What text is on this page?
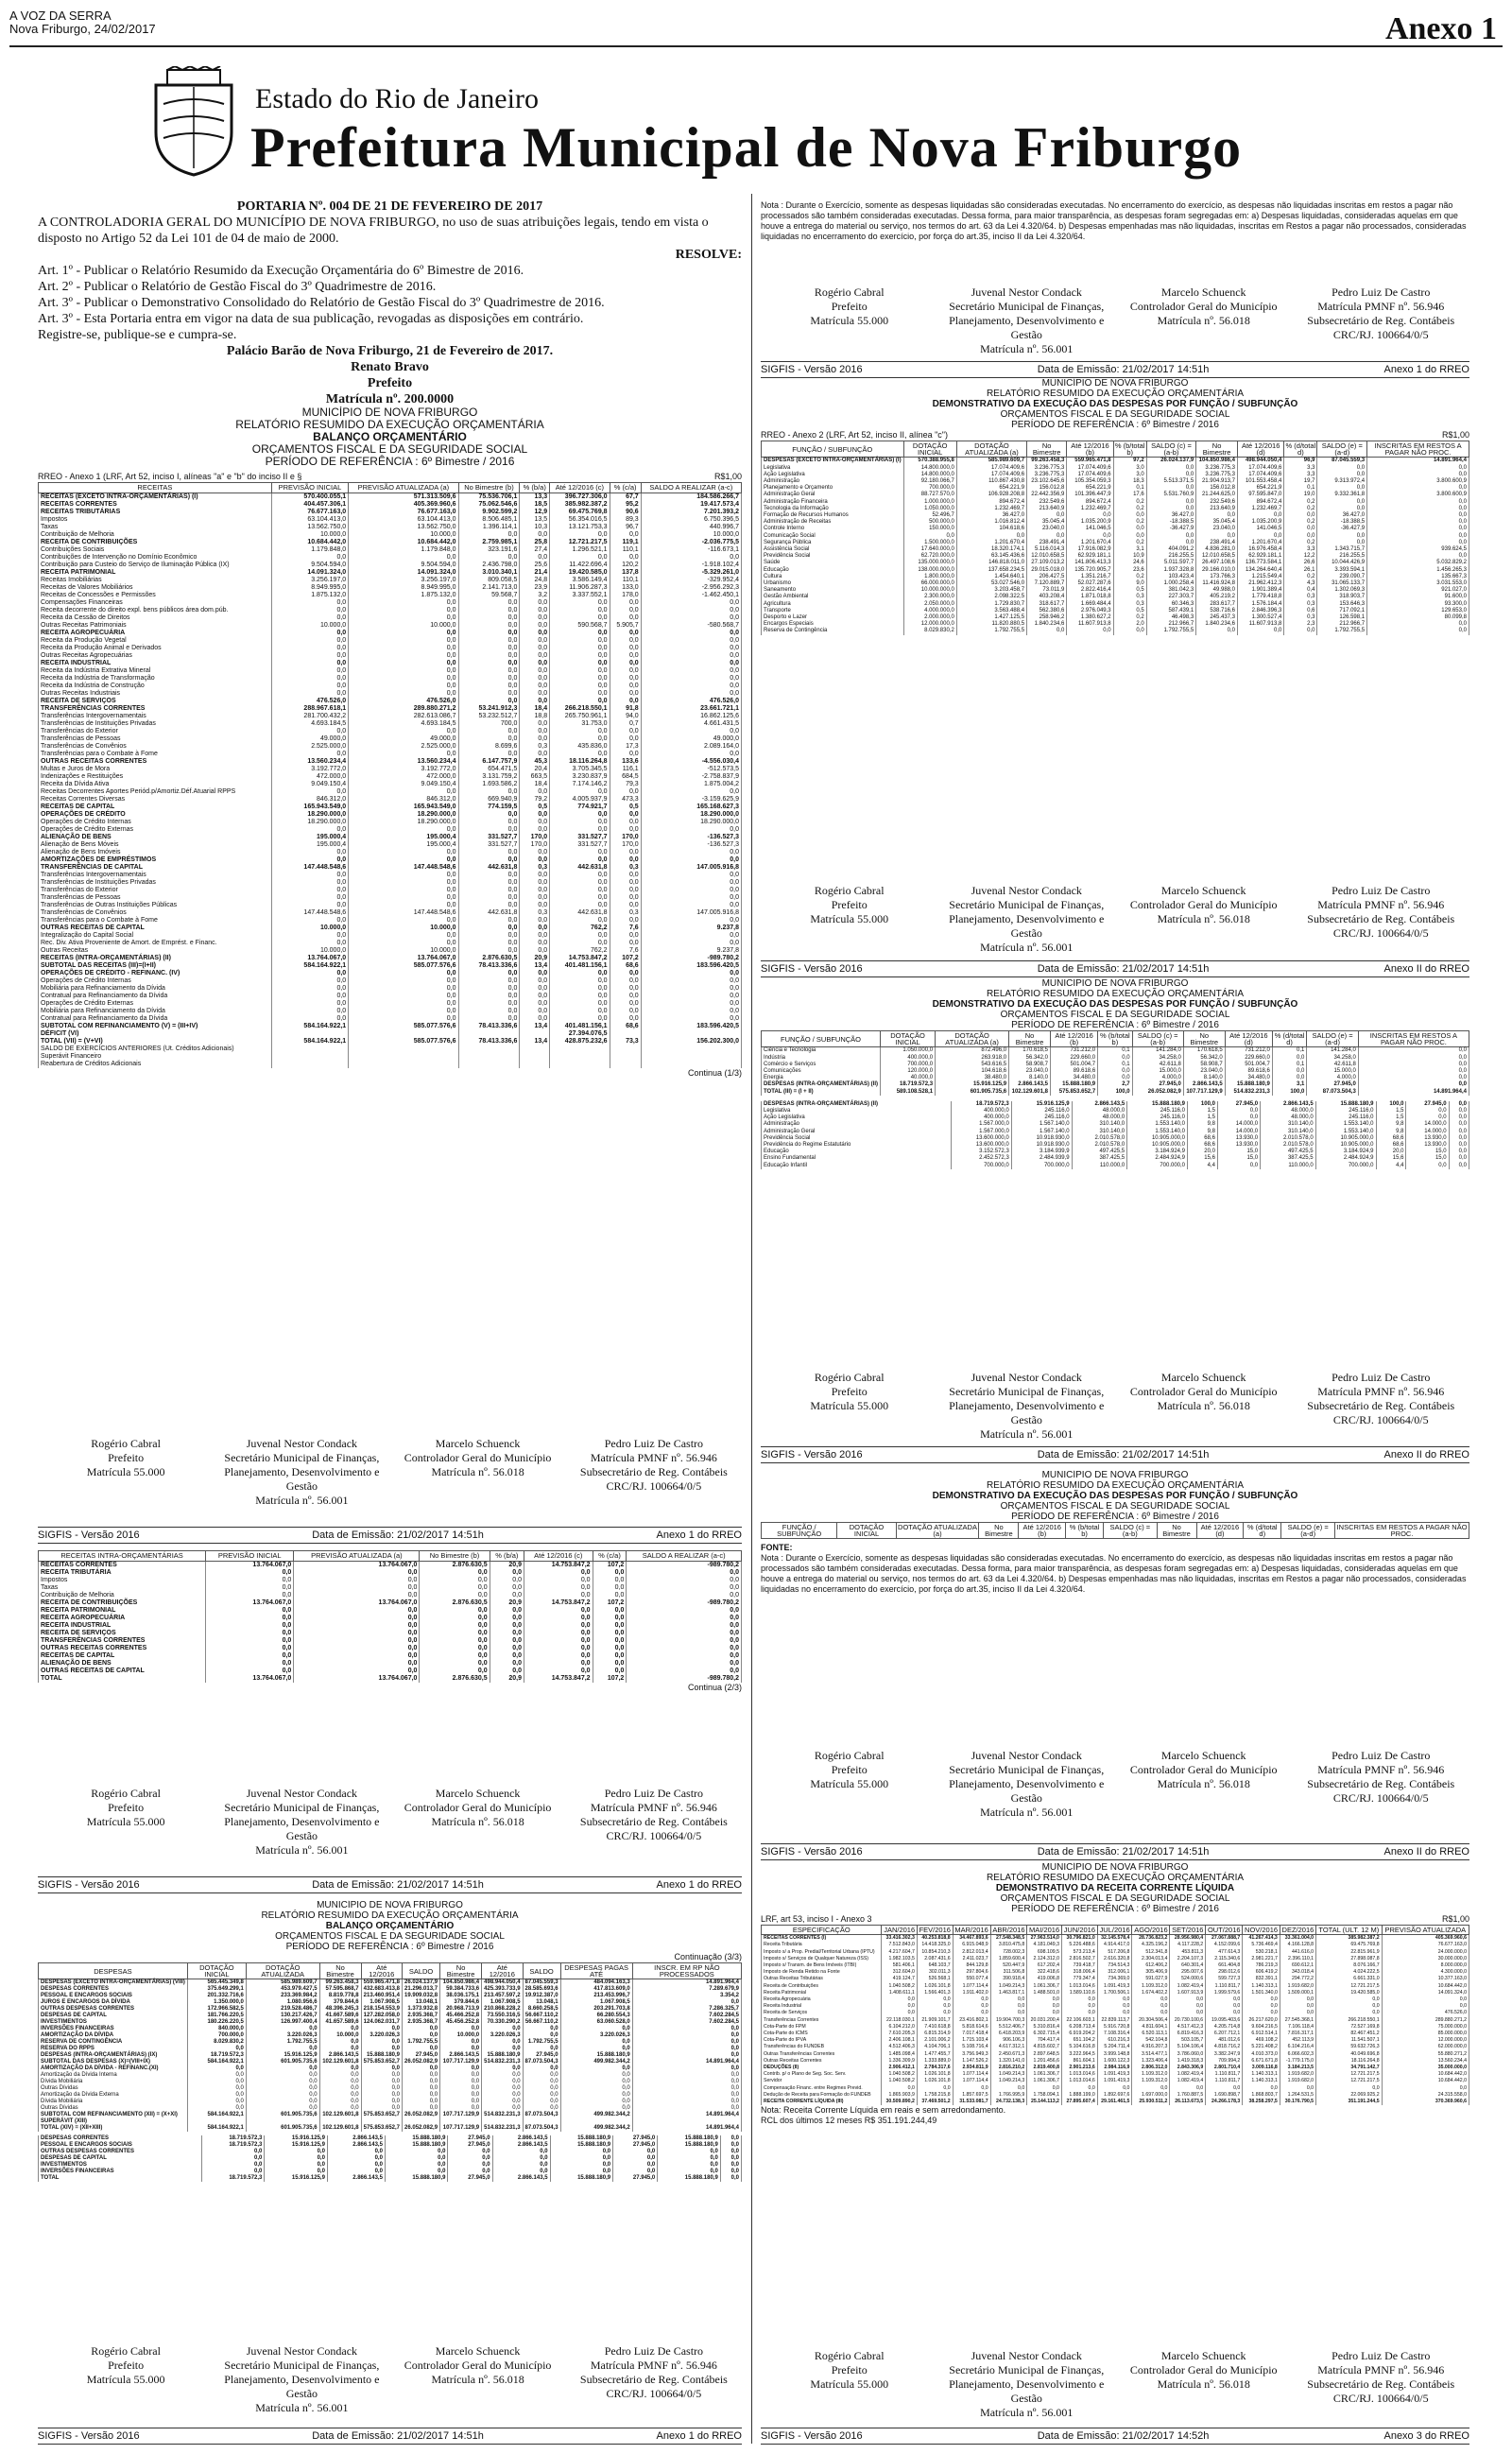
A VOZ DA SERRA
Nova Friburgo, 24/02/2017	Anexo 1
Estado do Rio de Janeiro
Prefeitura Municipal de Nova Friburgo

PORTARIA Nº. 004 DE 21 DE FEVEREIRO DE 2017

A CONTROLADORIA GERAL DO MUNICÍPIO DE NOVA FRIBURGO, no uso de suas atribuições legais, tendo em vista o disposto no Artigo 52 da Lei 101 de 04 de maio de 2000.

RESOLVE:

Art. 1º - Publicar o Relatório Resumido da Execução Orçamentária do 6º Bimestre de 2016.

Art. 2º - Publicar o Relatório de Gestão Fiscal do 3º Quadrimestre de 2016.

Art. 3º - Publicar o Demonstrativo Consolidado do Relatório de Gestão Fiscal do 3º Quadrimestre de 2016.

Art. 3º - Esta Portaria entra em vigor na data de sua publicação, revogadas as disposições em contrário.

Registre-se, publique-se e cumpra-se.

Palácio Barão de Nova Friburgo, 21 de Fevereiro de 2017.

Renato Bravo

Prefeito

Matrícula nº. 200.0000

MUNICÍPIO DE NOVA FRIBURGO
RELATÓRIO RESUMIDO DA EXECUÇÃO ORÇAMENTÁRIA
BALANÇO ORÇAMENTÁRIO
ORÇAMENTOS FISCAL E DA SEGURIDADE SOCIAL
PERÍODO DE REFERÊNCIA : 6º Bimestre / 2016
RREO - Anexo 1 (LRF, Art 52, inciso I, alíneas "a" e "b" do inciso II e §	R$1,00
RECEITAS	PREVISÃO INICIAL	PREVISÃO ATUALIZADA (a)	No Bimestre (b)	% (b/a)	Até 12/2016 (c)	% (c/a)	SALDO A REALIZAR (a-c)
RECEITAS (EXCETO INTRA-ORÇAMENTÁRIAS) (I)	570.400.055,1	571.313.509,6	75.536.706,1	13,3	396.727.306,0	67,7	184.586.266,7
RECEITAS CORRENTES	404.457.306,1	405.369.960,6	75.062.546,6	18,5	385.982.387,2	95,2	19.417.573,4
RECEITAS TRIBUTÁRIAS	76.677.163,0	76.677.163,0	9.902.599,2	12,9	69.475.769,8	90,6	7.201.393,2
Impostos	63.104.413,0	63.104.413,0	8.506.485,1	13,5	56.354.016,5	89,3	6.750.396,5
Taxas	13.562.750,0	13.562.750,0	1.396.114,1	10,3	13.121.753,3	96,7	440.996,7
Contribuição de Melhoria	10.000,0	10.000,0	0,0	0,0	0,0	0,0	10.000,0
RECEITA DE CONTRIBUIÇÕES	10.684.442,0	10.684.442,0	2.759.985,1	25,8	12.721.217,5	119,1	-2.036.775,5
Contribuições Sociais	1.179.848,0	1.179.848,0	323.191,6	27,4	1.296.521,1	110,1	-116.673,1
Contribuições de Intervenção no Domínio Econômico	0,0	0,0	0,0	0,0	0,0	0,0	0,0
Contribuição para Custeio do Serviço de Iluminação Pública (IX)	9.504.594,0	9.504.594,0	2.436.798,0	25,6	11.422.696,4	120,2	-1.918.102,4
RECEITA PATRIMONIAL	14.091.324,0	14.091.324,0	3.010.340,1	21,4	19.420.585,0	137,8	-5.329.261,0
Receitas Imobiliárias	3.256.197,0	3.256.197,0	809.058,5	24,8	3.586.149,4	110,1	-329.952,4
Receitas de Valores Mobiliários	8.949.995,0	8.949.995,0	2.141.713,0	23,9	11.906.287,3	133,0	-2.956.292,3
Receitas de Concessões e Permissões	1.875.132,0	1.875.132,0	59.568,7	3,2	3.337.552,1	178,0	-1.462.450,1
Compensações Financeiras	0,0	0,0	0,0	0,0	0,0	0,0	0,0
Receita decorrente do direito expl. bens públicos área dom.púb.	0,0	0,0	0,0	0,0	0,0	0,0	0,0
Receita da Cessão de Direitos	0,0	0,0	0,0	0,0	0,0	0,0	0,0
Outras Receitas Patrimoniais	10.000,0	10.000,0	0,0	0,0	590.568,7	5.905,7	-580.568,7
RECEITA AGROPECUÁRIA	0,0	0,0	0,0	0,0	0,0	0,0	0,0
Receita da Produção Vegetal	0,0	0,0	0,0	0,0	0,0	0,0	0,0
Receita da Produção Animal e Derivados	0,0	0,0	0,0	0,0	0,0	0,0	0,0
Outras Receitas Agropecuárias	0,0	0,0	0,0	0,0	0,0	0,0	0,0
RECEITA INDUSTRIAL	0,0	0,0	0,0	0,0	0,0	0,0	0,0
Receita da Indústria Extrativa Mineral	0,0	0,0	0,0	0,0	0,0	0,0	0,0
Receita da Indústria de Transformação	0,0	0,0	0,0	0,0	0,0	0,0	0,0
Receita da Indústria de Construção	0,0	0,0	0,0	0,0	0,0	0,0	0,0
Outras Receitas Industriais	0,0	0,0	0,0	0,0	0,0	0,0	0,0
RECEITA DE SERVIÇOS	476.526,0	476.526,0	0,0	0,0	0,0	0,0	476.526,0
TRANSFERÊNCIAS CORRENTES	288.967.618,1	289.880.271,2	53.241.912,3	18,4	266.218.550,1	91,8	23.661.721,1
Transferências Intergovernamentais	281.700.432,2	282.613.086,7	53.232.512,7	18,8	265.750.961,1	94,0	16.862.125,6
Transferências de Instituições Privadas	4.693.184,5	4.693.184,5	700,0	0,0	31.753,0	0,7	4.661.431,5
Transferências do Exterior	0,0	0,0	0,0	0,0	0,0	0,0	0,0
Transferências de Pessoas	49.000,0	49.000,0	0,0	0,0	0,0	0,0	49.000,0
Transferências de Convênios	2.525.000,0	2.525.000,0	8.699,6	0,3	435.836,0	17,3	2.089.164,0
Transferências para o Combate à Fome	0,0	0,0	0,0	0,0	0,0	0,0	0,0
OUTRAS RECEITAS CORRENTES	13.560.234,4	13.560.234,4	6.147.757,9	45,3	18.116.264,8	133,6	-4.556.030,4
Multas e Juros de Mora	3.192.772,0	3.192.772,0	654.471,5	20,4	3.705.345,5	116,1	-512.573,5
Indenizações e Restituições	472.000,0	472.000,0	3.131.759,2	663,5	3.230.837,9	684,5	-2.758.837,9
Receita da Dívida Ativa	9.049.150,4	9.049.150,4	1.693.586,2	18,4	7.174.146,2	79,3	1.875.004,2
Receitas Decorrentes Aportes Periód.p/Amortiz.Déf.Atuarial RPPS	0,0	0,0	0,0	0,0	0,0	0,0	0,0
Receitas Correntes Diversas	846.312,0	846.312,0	669.940,9	79,2	4.005.937,9	473,3	-3.159.625,9
RECEITAS DE CAPITAL	165.943.549,0	165.943.549,0	774.159,5	0,5	774.921,7	0,5	165.168.627,3
OPERAÇÕES DE CRÉDITO	18.290.000,0	18.290.000,0	0,0	0,0	0,0	0,0	18.290.000,0
Operações de Crédito Internas	18.290.000,0	18.290.000,0	0,0	0,0	0,0	0,0	18.290.000,0
Operações de Crédito Externas	0,0	0,0	0,0	0,0	0,0	0,0	0,0
ALIENAÇÃO DE BENS	195.000,4	195.000,4	331.527,7	170,0	331.527,7	170,0	-136.527,3
Alienação de Bens Móveis	195.000,4	195.000,4	331.527,7	170,0	331.527,7	170,0	-136.527,3
Alienação de Bens Imóveis	0,0	0,0	0,0	0,0	0,0	0,0	0,0
AMORTIZAÇÕES DE EMPRÉSTIMOS	0,0	0,0	0,0	0,0	0,0	0,0	0,0
TRANSFERÊNCIAS DE CAPITAL	147.448.548,6	147.448.548,6	442.631,8	0,3	442.631,8	0,3	147.005.916,8
Transferências Intergovernamentais	0,0	0,0	0,0	0,0	0,0	0,0	0,0
Transferências de Instituições Privadas	0,0	0,0	0,0	0,0	0,0	0,0	0,0
Transferências do Exterior	0,0	0,0	0,0	0,0	0,0	0,0	0,0
Transferências de Pessoas	0,0	0,0	0,0	0,0	0,0	0,0	0,0
Transferências de Outras Instituições Públicas	0,0	0,0	0,0	0,0	0,0	0,0	0,0
Transferências de Convênios	147.448.548,6	147.448.548,6	442.631,8	0,3	442.631,8	0,3	147.005.916,8
Transferências para o Combate à Fome	0,0	0,0	0,0	0,0	0,0	0,0	0,0
OUTRAS RECEITAS DE CAPITAL	10.000,0	10.000,0	0,0	0,0	762,2	7,6	9.237,8
Integralização do Capital Social	0,0	0,0	0,0	0,0	0,0	0,0	0,0
Rec. Div. Ativa Proveniente de Amort. de Emprést. e Financ.	0,0	0,0	0,0	0,0	0,0	0,0	0,0
Outras Receitas	10.000,0	10.000,0	0,0	0,0	762,2	7,6	9.237,8
RECEITAS (INTRA-ORÇAMENTÁRIAS) (II)	13.764.067,0	13.764.067,0	2.876.630,5	20,9	14.753.847,2	107,2	-989.780,2
SUBTOTAL DAS RECEITAS (III)=(I+II)	584.164.922,1	585.077.576,6	78.413.336,6	13,4	401.481.156,1	68,6	183.596.420,5
OPERAÇÕES DE CRÉDITO - REFINANC. (IV)	0,0	0,0	0,0	0,0	0,0	0,0	0,0
Operações de Crédito Internas	0,0	0,0	0,0	0,0	0,0	0,0	0,0
Mobiliária para Refinanciamento da Dívida	0,0	0,0	0,0	0,0	0,0	0,0	0,0
Contratual para Refinanciamento da Dívida	0,0	0,0	0,0	0,0	0,0	0,0	0,0
Operações de Crédito Externas	0,0	0,0	0,0	0,0	0,0	0,0	0,0
Mobiliária para Refinanciamento da Dívida	0,0	0,0	0,0	0,0	0,0	0,0	0,0
Contratual para Refinanciamento da Dívida	0,0	0,0	0,0	0,0	0,0	0,0	0,0
SUBTOTAL COM REFINANCIAMENTO (V) = (III+IV)	584.164.922,1	585.077.576,6	78.413.336,6	13,4	401.481.156,1	68,6	183.596.420,5
DÉFICIT (VI)					27.394.076,5		
TOTAL (VII) = (V+VI)	584.164.922,1	585.077.576,6	78.413.336,6	13,4	428.875.232,6	73,3	156.202.300,0
SALDO DE EXERCÍCIOS ANTERIORES (Ut. Créditos Adicionais)							
Superávit Financeiro							
Reabertura de Créditos Adicionais							
Continua (1/3)
Rogério Cabral
Prefeito
Matrícula 55.000
Juvenal Nestor Condack
Secretário Municipal de Finanças, Planejamento, Desenvolvimento e Gestão
Matrícula nº. 56.001
Marcelo Schuenck
Controlador Geral do Município
Matrícula nº. 56.018
Pedro Luiz De Castro
Matrícula PMNF nº. 56.946
Subsecretário de Reg. Contábeis CRC/RJ. 100664/0/5
SIGFIS - Versão 2016	Data de Emissão: 21/02/2017 14:51h	Anexo 1 do RREO
RECEITAS INTRA-ORÇAMENTÁRIAS	PREVISÃO INICIAL	PREVISÃO ATUALIZADA (a)	No Bimestre (b)	% (b/a)	Até 12/2016 (c)	% (c/a)	SALDO A REALIZAR (a-c)
RECEITAS CORRENTES	13.764.067,0	13.764.067,0	2.876.630,5	20,9	14.753.847,2	107,2	-989.780,2
RECEITA TRIBUTÁRIA	0,0	0,0	0,0	0,0	0,0	0,0	0,0
Impostos	0,0	0,0	0,0	0,0	0,0	0,0	0,0
Taxas	0,0	0,0	0,0	0,0	0,0	0,0	0,0
Contribuição de Melhoria	0,0	0,0	0,0	0,0	0,0	0,0	0,0
RECEITA DE CONTRIBUIÇÕES	13.764.067,0	13.764.067,0	2.876.630,5	20,9	14.753.847,2	107,2	-989.780,2
RECEITA PATRIMONIAL	0,0	0,0	0,0	0,0	0,0	0,0	0,0
RECEITA AGROPECUÁRIA	0,0	0,0	0,0	0,0	0,0	0,0	0,0
RECEITA INDUSTRIAL	0,0	0,0	0,0	0,0	0,0	0,0	0,0
RECEITA DE SERVIÇOS	0,0	0,0	0,0	0,0	0,0	0,0	0,0
TRANSFERÊNCIAS CORRENTES	0,0	0,0	0,0	0,0	0,0	0,0	0,0
OUTRAS RECEITAS CORRENTES	0,0	0,0	0,0	0,0	0,0	0,0	0,0
RECEITAS DE CAPITAL	0,0	0,0	0,0	0,0	0,0	0,0	0,0
ALIENAÇÃO DE BENS	0,0	0,0	0,0	0,0	0,0	0,0	0,0
OUTRAS RECEITAS DE CAPITAL	0,0	0,0	0,0	0,0	0,0	0,0	0,0
TOTAL	13.764.067,0	13.764.067,0	2.876.630,5	20,9	14.753.847,2	107,2	-989.780,2
Continua (2/3)
Rogério Cabral
Prefeito
Matrícula 55.000
Juvenal Nestor Condack
Secretário Municipal de Finanças, Planejamento, Desenvolvimento e Gestão
Matrícula nº. 56.001
Marcelo Schuenck
Controlador Geral do Município
Matrícula nº. 56.018
Pedro Luiz De Castro
Matrícula PMNF nº. 56.946
Subsecretário de Reg. Contábeis CRC/RJ. 100664/0/5
SIGFIS - Versão 2016	Data de Emissão: 21/02/2017 14:51h	Anexo 1 do RREO
MUNICÍPIO DE NOVA FRIBURGO
RELATÓRIO RESUMIDO DA EXECUÇÃO ORÇAMENTÁRIA
BALANÇO ORÇAMENTÁRIO
ORÇAMENTOS FISCAL E DA SEGURIDADE SOCIAL
PERÍODO DE REFERÊNCIA : 6º Bimestre / 2016
Continuação (3/3)
DESPESAS	DOTAÇÃO INICIAL	DOTAÇÃO ATUALIZADA	No Bimestre	Até 12/2016	SALDO	No Bimestre	Até 12/2016	SALDO	DESPESAS PAGAS ATÉ	INSCR. EM RP NÃO PROCESSADOS
DESPESAS (EXCETO INTRA-ORÇAMENTÁRIAS) (VIII)	565.445.349,8	585.989.609,7	99.263.458,3	559.965.471,8	26.024.137,9	104.850.986,4	498.944.050,4	87.045.559,3	484.094.163,3	14.891.964,4
DESPESAS CORRENTES	375.649.299,1	453.979.427,5	57.595.868,7	432.683.413,8	21.296.013,7	59.384.733,6	425.393.733,9	28.585.693,6	417.813.609,0	7.289.679,9
PESSOAL E ENCARGOS SOCIAIS	201.332.716,6	233.369.984,2	8.819.778,8	213.460.951,4	19.909.032,8	38.036.175,1	213.457.597,2	19.912.387,0	213.453.996,7	3.354,2
JUROS E ENCARGOS DA DÍVIDA	1.350.000,0	1.080.956,6	379.844,6	1.067.908,5	13.048,1	379.844,6	1.067.908,5	13.048,1	1.067.908,5	0,0
OUTRAS DESPESAS CORRENTES	172.966.582,5	219.528.486,7	48.396.245,3	218.154.553,9	1.373.932,8	20.968.713,9	210.868.228,2	8.660.258,5	203.291.703,8	7.286.325,7
DESPESAS DE CAPITAL	181.766.220,5	130.217.426,7	41.667.589,6	127.282.058,0	2.935.368,7	45.466.252,8	73.550.316,5	56.667.110,2	66.280.554,3	7.602.284,5
INVESTIMENTOS	180.226.220,5	126.997.400,4	41.657.589,6	124.062.031,7	2.935.368,7	45.456.252,8	70.330.290,2	56.667.110,2	63.060.528,0	7.602.284,5
INVERSÕES FINANCEIRAS	840.000,0	0,0	0,0	0,0	0,0	0,0	0,0	0,0	0,0	0,0
AMORTIZAÇÃO DA DÍVIDA	700.000,0	3.220.026,3	10.000,0	3.220.026,3	0,0	10.000,0	3.220.026,3	0,0	3.220.026,3	0,0
RESERVA DE CONTINGÊNCIA	8.029.830,2	1.792.755,5	0,0	0,0	1.792.755,5	0,0	0,0	1.792.755,5	0,0	0,0
RESERVA DO RPPS	0,0	0,0	0,0	0,0	0,0	0,0	0,0	0,0	0,0	0,0
DESPESAS (INTRA-ORÇAMENTÁRIAS) (IX)	18.719.572,3	15.916.125,9	2.866.143,5	15.888.180,9	27.945,0	2.866.143,5	15.888.180,9	27.945,0	15.888.180,9	0,0
SUBTOTAL DAS DESPESAS (X)=(VIII+IX)	584.164.922,1	601.905.735,6	102.129.601,8	575.853.652,7	26.052.082,9	107.717.129,9	514.832.231,3	87.073.504,3	499.982.344,2	14.891.964,4
AMORTIZAÇÃO DA DÍVIDA - REFINANC.(XI)	0,0	0,0	0,0	0,0	0,0	0,0	0,0	0,0	0,0	0,0
Amortização da Dívida Interna	0,0	0,0	0,0	0,0	0,0	0,0	0,0	0,0	0,0	0,0
Dívida Mobiliária	0,0	0,0	0,0	0,0	0,0	0,0	0,0	0,0	0,0	0,0
Outras Dívidas	0,0	0,0	0,0	0,0	0,0	0,0	0,0	0,0	0,0	0,0
Amortização da Dívida Externa	0,0	0,0	0,0	0,0	0,0	0,0	0,0	0,0	0,0	0,0
Dívida Mobiliária	0,0	0,0	0,0	0,0	0,0	0,0	0,0	0,0	0,0	0,0
Outras Dívidas	0,0	0,0	0,0	0,0	0,0	0,0	0,0	0,0	0,0	0,0
SUBTOTAL COM REFINANCIAMENTO (XII) = (X+XI)	584.164.922,1	601.905.735,6	102.129.601,8	575.853.652,7	26.052.082,9	107.717.129,9	514.832.231,3	87.073.504,3	499.982.344,2	14.891.964,4
SUPERÁVIT (XIII)										
TOTAL (XIV) = (XII+XIII)	584.164.922,1	601.905.735,6	102.129.601,8	575.853.652,7	26.052.082,9	107.717.129,9	514.832.231,3	87.073.504,3	499.982.344,2	14.891.964,4
DESPESAS CORRENTES	18.719.572,3	15.916.125,9	2.866.143,5	15.888.180,9	27.945,0	2.866.143,5	15.888.180,9	27.945,0	15.888.180,9	0,0
PESSOAL E ENCARGOS SOCIAIS	18.719.572,3	15.916.125,9	2.866.143,5	15.888.180,9	27.945,0	2.866.143,5	15.888.180,9	27.945,0	15.888.180,9	0,0
OUTRAS DESPESAS CORRENTES	0,0	0,0	0,0	0,0	0,0	0,0	0,0	0,0	0,0	0,0
DESPESAS DE CAPITAL	0,0	0,0	0,0	0,0	0,0	0,0	0,0	0,0	0,0	0,0
INVESTIMENTOS	0,0	0,0	0,0	0,0	0,0	0,0	0,0	0,0	0,0	0,0
INVERSÕES FINANCEIRAS	0,0	0,0	0,0	0,0	0,0	0,0	0,0	0,0	0,0	0,0
TOTAL	18.719.572,3	15.916.125,9	2.866.143,5	15.888.180,9	27.945,0	2.866.143,5	15.888.180,9	27.945,0	15.888.180,9	0,0
Rogério Cabral
Prefeito
Matrícula 55.000
Juvenal Nestor Condack
Secretário Municipal de Finanças, Planejamento, Desenvolvimento e Gestão
Matrícula nº. 56.001
Marcelo Schuenck
Controlador Geral do Município
Matrícula nº. 56.018
Pedro Luiz De Castro
Matrícula PMNF nº. 56.946
Subsecretário de Reg. Contábeis CRC/RJ. 100664/0/5
SIGFIS - Versão 2016	Data de Emissão: 21/02/2017 14:51h	Anexo 1 do RREO
Nota : Durante o Exercício, somente as despesas liquidadas são consideradas executadas. No encerramento do exercício, as despesas não liquidadas inscritas em restos a pagar não processados são também consideradas executadas. Dessa forma, para maior transparência, as despesas foram segregadas em: a) Despesas liquidadas, consideradas aquelas em que houve a entrega do material ou serviço, nos termos do art. 63 da Lei 4.320/64. b) Despesas empenhadas mas não liquidadas, inscritas em Restos a pagar não processados, consideradas liquidadas no encerramento do exercício, por força do art.35, inciso II da Lei 4.320/64.
Rogério Cabral
Prefeito
Matrícula 55.000
Juvenal Nestor Condack
Secretário Municipal de Finanças, Planejamento, Desenvolvimento e Gestão
Matrícula nº. 56.001
Marcelo Schuenck
Controlador Geral do Município
Matrícula nº. 56.018
Pedro Luiz De Castro
Matrícula PMNF nº. 56.946
Subsecretário de Reg. Contábeis CRC/RJ. 100664/0/5
SIGFIS - Versão 2016	Data de Emissão: 21/02/2017 14:51h	Anexo 1 do RREO
MUNICÍPIO DE NOVA FRIBURGO
RELATÓRIO RESUMIDO DA EXECUÇÃO ORÇAMENTÁRIA
DEMONSTRATIVO DA EXECUÇÃO DAS DESPESAS POR FUNÇÃO / SUBFUNÇÃO
ORÇAMENTOS FISCAL E DA SEGURIDADE SOCIAL
PERÍODO DE REFERÊNCIA : 6º Bimestre / 2016
RREO - Anexo 2 (LRF, Art 52, inciso II, alínea "c")	R$1,00
FUNÇÃO / SUBFUNÇÃO	DOTAÇÃO INICIAL	DOTAÇÃO ATUALIZADA (a)	No Bimestre	Até 12/2016 (b)	% (b/total b)	SALDO (c) = (a-b)	No Bimestre	Até 12/2016 (d)	% (d/total d)	SALDO (e) = (a-d)	INSCRITAS EM RESTOS A PAGAR NÃO PROC.
DESPESAS (EXCETO INTRA-ORÇAMENTÁRIAS) (I)	570.388.955,8	585.989.609,7	99.263.458,3	559.965.471,8	97,2	26.024.137,9	104.850.986,4	498.944.050,4	96,9	87.045.559,3	14.891.964,4
Legislativa	14.800.000,0	17.074.409,6	3.236.775,3	17.074.409,6	3,0	0,0	3.236.775,3	17.074.409,6	3,3	0,0	0,0
Ação Legislativa	14.800.000,0	17.074.409,6	3.236.775,3	17.074.409,6	3,0	0,0	3.236.775,3	17.074.409,6	3,3	0,0	0,0
Administração	92.180.066,7	110.867.430,8	23.102.645,6	105.354.059,3	18,3	5.513.371,5	21.904.913,7	101.553.458,4	19,7	9.313.972,4	3.800.600,9
Planejamento e Orçamento	700.000,0	654.221,9	156.012,8	654.221,9	0,1	0,0	156.012,8	654.221,9	0,1	0,0	0,0
Administração Geral	88.727.570,0	106.928.208,8	22.442.356,9	101.396.447,9	17,6	5.531.760,9	21.244.625,0	97.595.847,0	19,0	9.332.361,8	3.800.600,9
Administração Financeira	1.000.000,0	894.672,4	232.549,6	894.672,4	0,2	0,0	232.549,6	894.672,4	0,2	0,0	0,0
Tecnologia da Informação	1.050.000,0	1.232.469,7	213.640,9	1.232.469,7	0,2	0,0	213.640,9	1.232.469,7	0,2	0,0	0,0
Formação de Recursos Humanos	52.496,7	36.427,0	0,0	0,0	0,0	36.427,0	0,0	0,0	0,0	36.427,0	0,0
Administração de Receitas	500.000,0	1.016.812,4	35.045,4	1.035.200,9	0,2	-18.388,5	35.045,4	1.035.200,9	0,2	-18.388,5	0,0
Controle Interno	150.000,0	104.618,6	23.040,0	141.046,5	0,0	-36.427,9	23.040,0	141.046,5	0,0	-36.427,9	0,0
Comunicação Social	0,0	0,0	0,0	0,0	0,0	0,0	0,0	0,0	0,0	0,0	0,0
Segurança Pública	1.500.000,0	1.201.670,4	238.491,4	1.201.670,4	0,2	0,0	238.491,4	1.201.670,4	0,2	0,0	0,0
Assistência Social	17.640.000,0	18.320.174,1	5.116.014,3	17.916.082,9	3,1	404.091,2	4.836.281,0	16.976.458,4	3,3	1.343.715,7	939.624,5
Previdência Social	62.720.000,0	63.145.436,6	12.010.658,5	62.929.181,1	10,9	216.255,5	12.010.658,5	62.929.181,1	12,2	216.255,5	0,0
Saúde	135.000.000,0	146.818.011,0	27.109.013,2	141.806.413,3	24,6	5.011.597,7	26.497.108,6	136.773.584,1	26,6	10.044.426,9	5.032.829,2
Educação	138.000.000,0	137.658.234,5	29.015.018,0	135.720.905,7	23,6	1.937.328,8	29.166.010,0	134.264.640,4	26,1	3.393.594,1	1.456.265,3
Cultura	1.800.000,0	1.454.640,1	206.427,5	1.351.216,7	0,2	103.423,4	173.766,3	1.215.549,4	0,2	239.090,7	135.667,3
Urbanismo	66.000.000,0	53.027.546,0	7.120.889,7	52.027.287,6	9,0	1.000.258,4	11.416.924,8	21.962.412,3	4,3	31.065.133,7	3.031.553,0
Saneamento	10.000.000,0	3.203.458,7	73.011,9	2.822.416,4	0,5	381.042,3	49.988,0	1.901.389,4	0,4	1.302.069,3	921.027,0
Gestão Ambiental	2.300.000,0	2.098.322,5	403.208,4	1.871.018,8	0,3	227.303,7	405.219,2	1.779.418,8	0,3	318.903,7	91.600,0
Agricultura	2.050.000,0	1.729.830,7	318.617,7	1.669.484,4	0,3	60.346,3	283.617,7	1.576.184,4	0,3	153.646,3	93.300,0
Transporte	4.000.000,0	3.563.488,4	562.380,6	2.976.049,3	0,5	587.439,1	538.716,6	2.846.396,3	0,6	717.092,1	129.653,0
Desporto e Lazer	2.000.000,0	1.427.125,5	258.946,2	1.380.627,2	0,2	46.498,3	245.437,3	1.300.527,4	0,3	126.598,1	80.099,8
Encargos Especiais	12.000.000,0	11.820.880,5	1.840.234,6	11.607.913,8	2,0	212.966,7	1.840.234,6	11.607.913,8	2,3	212.966,7	0,0
Reserva de Contingência	8.029.830,2	1.792.755,5	0,0	0,0	0,0	1.792.755,5	0,0	0,0	0,0	1.792.755,5	0,0
Rogério Cabral
Prefeito
Matrícula 55.000
Juvenal Nestor Condack
Secretário Municipal de Finanças, Planejamento, Desenvolvimento e Gestão
Matrícula nº. 56.001
Marcelo Schuenck
Controlador Geral do Município
Matrícula nº. 56.018
Pedro Luiz De Castro
Matrícula PMNF nº. 56.946
Subsecretário de Reg. Contábeis CRC/RJ. 100664/0/5
SIGFIS - Versão 2016	Data de Emissão: 21/02/2017 14:51h	Anexo II do RREO
MUNICÍPIO DE NOVA FRIBURGO
RELATÓRIO RESUMIDO DA EXECUÇÃO ORÇAMENTÁRIA
DEMONSTRATIVO DA EXECUÇÃO DAS DESPESAS POR FUNÇÃO / SUBFUNÇÃO
ORÇAMENTOS FISCAL E DA SEGURIDADE SOCIAL
PERÍODO DE REFERÊNCIA : 6º Bimestre / 2016
FUNÇÃO / SUBFUNÇÃO	DOTAÇÃO INICIAL	DOTAÇÃO ATUALIZADA (a)	No Bimestre	Até 12/2016 (b)	% (b/total b)	SALDO (c) = (a-b)	No Bimestre	Até 12/2016 (d)	% (d/total d)	SALDO (e) = (a-d)	INSCRITAS EM RESTOS A PAGAR NÃO PROC.
Ciência e Tecnologia	1.050.000,0	872.496,0	170.618,5	731.212,0	0,1	141.284,0	170.618,5	731.212,0	0,1	141.284,0	0,0
Indústria	400.000,0	263.918,0	56.342,0	229.660,0	0,0	34.258,0	56.342,0	229.660,0	0,0	34.258,0	0,0
Comércio e Serviços	700.000,0	543.616,5	58.908,7	501.004,7	0,1	42.611,8	58.908,7	501.004,7	0,1	42.611,8	0,0
Comunicações	120.000,0	104.618,6	23.040,0	89.618,6	0,0	15.000,0	23.040,0	89.618,6	0,0	15.000,0	0,0
Energia	40.000,0	38.480,0	8.140,0	34.480,0	0,0	4.000,0	8.140,0	34.480,0	0,0	4.000,0	0,0
DESPESAS (INTRA-ORÇAMENTÁRIAS) (II)	18.719.572,3	15.916.125,9	2.866.143,5	15.888.180,9	2,7	27.945,0	2.866.143,5	15.888.180,9	3,1	27.945,0	0,0
TOTAL (III) = (I + II)	589.108.528,1	601.905.735,6	102.129.601,8	575.853.652,7	100,0	26.052.082,9	107.717.129,9	514.832.231,3	100,0	87.073.504,3	14.891.964,4
DESPESAS (INTRA-ORÇAMENTÁRIAS) (II)	18.719.572,3	15.916.125,9	2.866.143,5	15.888.180,9	100,0	27.945,0	2.866.143,5	15.888.180,9	100,0	27.945,0	0,0
Legislativa	400.000,0	245.116,0	48.000,0	245.116,0	1,5	0,0	48.000,0	245.116,0	1,5	0,0	0,0
Ação Legislativa	400.000,0	245.116,0	48.000,0	245.116,0	1,5	0,0	48.000,0	245.116,0	1,5	0,0	0,0
Administração	1.567.000,0	1.567.140,0	310.140,0	1.553.140,0	9,8	14.000,0	310.140,0	1.553.140,0	9,8	14.000,0	0,0
Administração Geral	1.567.000,0	1.567.140,0	310.140,0	1.553.140,0	9,8	14.000,0	310.140,0	1.553.140,0	9,8	14.000,0	0,0
Previdência Social	13.600.000,0	10.918.930,0	2.010.578,0	10.905.000,0	68,6	13.930,0	2.010.578,0	10.905.000,0	68,6	13.930,0	0,0
Previdência do Regime Estatutário	13.600.000,0	10.918.930,0	2.010.578,0	10.905.000,0	68,6	13.930,0	2.010.578,0	10.905.000,0	68,6	13.930,0	0,0
Educação	3.152.572,3	3.184.939,9	497.425,5	3.184.924,9	20,0	15,0	497.425,5	3.184.924,9	20,0	15,0	0,0
Ensino Fundamental	2.452.572,3	2.484.939,9	387.425,5	2.484.924,9	15,6	15,0	387.425,5	2.484.924,9	15,6	15,0	0,0
Educação Infantil	700.000,0	700.000,0	110.000,0	700.000,0	4,4	0,0	110.000,0	700.000,0	4,4	0,0	0,0
Rogério Cabral
Prefeito
Matrícula 55.000
Juvenal Nestor Condack
Secretário Municipal de Finanças, Planejamento, Desenvolvimento e Gestão
Matrícula nº. 56.001
Marcelo Schuenck
Controlador Geral do Município
Matrícula nº. 56.018
Pedro Luiz De Castro
Matrícula PMNF nº. 56.946
Subsecretário de Reg. Contábeis CRC/RJ. 100664/0/5
SIGFIS - Versão 2016	Data de Emissão: 21/02/2017 14:51h	Anexo II do RREO
MUNICÍPIO DE NOVA FRIBURGO
RELATÓRIO RESUMIDO DA EXECUÇÃO ORÇAMENTÁRIA
DEMONSTRATIVO DA EXECUÇÃO DAS DESPESAS POR FUNÇÃO / SUBFUNÇÃO
ORÇAMENTOS FISCAL E DA SEGURIDADE SOCIAL
PERÍODO DE REFERÊNCIA : 6º Bimestre / 2016
FUNÇÃO / SUBFUNÇÃO	DOTAÇÃO INICIAL	DOTAÇÃO ATUALIZADA (a)	No Bimestre	Até 12/2016 (b)	% (b/total b)	SALDO (c) = (a-b)	No Bimestre	Até 12/2016 (d)	% (d/total d)	SALDO (e) = (a-d)	INSCRITAS EM RESTOS A PAGAR NÃO PROC.
FONTE:
Nota : Durante o Exercício, somente as despesas liquidadas são consideradas executadas. No encerramento do exercício, as despesas não liquidadas inscritas em restos a pagar não processados são também consideradas executadas. Dessa forma, para maior transparência, as despesas foram segregadas em: a) Despesas liquidadas, consideradas aquelas em que houve a entrega do material ou serviço, nos termos do art. 63 da Lei 4.320/64. b) Despesas empenhadas mas não liquidadas, inscritas em Restos a pagar não processados, consideradas liquidadas no encerramento do exercício, por força do art.35, inciso II da Lei 4.320/64.
Rogério Cabral
Prefeito
Matrícula 55.000
Juvenal Nestor Condack
Secretário Municipal de Finanças, Planejamento, Desenvolvimento e Gestão
Matrícula nº. 56.001
Marcelo Schuenck
Controlador Geral do Município
Matrícula nº. 56.018
Pedro Luiz De Castro
Matrícula PMNF nº. 56.946
Subsecretário de Reg. Contábeis CRC/RJ. 100664/0/5
SIGFIS - Versão 2016	Data de Emissão: 21/02/2017 14:51h	Anexo II do RREO
MUNICÍPIO DE NOVA FRIBURGO
RELATÓRIO RESUMIDO DA EXECUÇÃO ORÇAMENTÁRIA
DEMONSTRATIVO DA RECEITA CORRENTE LÍQUIDA
ORÇAMENTOS FISCAL E DA SEGURIDADE SOCIAL
PERÍODO DE REFERÊNCIA : 6º Bimestre / 2016
LRF, art 53, inciso I - Anexo 3	R$1,00
ESPECIFICAÇÃO	JAN/2016	FEV/2016	MAR/2016	ABR/2016	MAI/2016	JUN/2016	JUL/2016	AGO/2016	SET/2016	OUT/2016	NOV/2016	DEZ/2016	TOTAL (ULT. 12 M)	PREVISÃO ATUALIZADA
RECEITAS CORRENTES (I)	33.416.302,3	40.253.818,8	34.467.893,6	27.548.348,5	27.963.514,0	30.796.821,0	32.145.578,4	28.736.823,2	28.956.980,4	27.067.888,7	41.267.414,3	33.361.004,0	385.982.387,2	405.369.960,6
Receita Tributária	7.512.843,0	14.418.325,0	6.915.048,9	3.810.475,8	4.181.049,3	5.226.488,6	4.914.417,0	4.325.196,2	4.117.228,2	4.152.099,6	5.736.469,4	4.166.128,8	69.475.769,8	76.677.163,0
Imposto s/ a Prop. Predial/Territorial Urbana (IPTU)	4.217.604,7	10.854.210,3	2.812.013,4	728.002,3	698.109,5	573.213,4	517.206,8	512.341,8	453.811,3	477.614,3	530.218,1	441.616,0	22.815.961,9	24.000.000,0
Imposto s/ Serviços de Qualquer Natureza (ISS)	1.982.103,5	2.087.431,6	2.411.023,7	1.859.600,4	2.124.312,0	2.816.502,7	2.616.320,8	2.304.013,4	2.204.107,3	2.115.340,6	2.981.221,7	2.396.110,1	27.898.087,8	30.000.000,0
Imposto s/ Transm. de Bens Imóveis (ITBI)	581.406,1	648.103,7	844.129,8	520.447,9	617.202,4	739.418,7	734.514,3	612.406,2	640.301,4	661.404,8	786.219,3	690.612,1	8.076.166,7	8.000.000,0
Imposto de Renda Retido na Fonte	312.604,0	302.011,3	297.804,6	311.506,8	322.418,6	318.006,4	312.006,1	305.406,9	295.007,6	298.012,6	606.419,2	343.018,4	4.024.222,5	4.300.000,0
Outras Receitas Tributárias	419.124,7	526.568,1	550.077,4	390.918,4	419.006,8	779.347,4	734.369,0	591.027,9	524.000,6	599.727,3	832.391,1	294.772,2	6.661.331,0	10.377.163,0
Receita de Contribuições	1.040.508,2	1.026.101,8	1.077.114,4	1.049.214,3	1.061.306,7	1.013.014,6	1.091.419,3	1.109.312,0	1.082.419,4	1.110.811,7	1.140.313,1	1.919.682,0	12.721.217,5	10.684.442,0
Receita Patrimonial	1.408.611,1	1.566.401,3	1.911.402,0	1.463.817,1	1.488.501,0	1.589.110,6	1.700.506,1	1.674.402,2	1.607.913,9	1.999.579,6	1.501.340,0	1.509.000,1	19.420.585,0	14.091.324,0
Receita Agropecuária	0,0	0,0	0,0	0,0	0,0	0,0	0,0	0,0	0,0	0,0	0,0	0,0	0,0	0,0
Receita Industrial	0,0	0,0	0,0	0,0	0,0	0,0	0,0	0,0	0,0	0,0	0,0	0,0	0,0	0,0
Receita de Serviços	0,0	0,0	0,0	0,0	0,0	0,0	0,0	0,0	0,0	0,0	0,0	0,0	0,0	476.526,0
Transferências Correntes	22.118.030,1	21.909.101,7	23.416.802,1	19.904.700,3	20.031.200,4	22.106.603,1	22.839.113,7	20.304.506,4	20.730.100,6	19.095.403,6	26.217.620,0	27.545.368,1	266.218.550,1	289.880.271,2
Cota-Parte do FPM	6.104.212,0	7.410.618,8	5.818.614,6	5.512.406,7	5.310.816,4	6.208.713,4	5.916.720,8	4.811.604,1	4.517.412,3	4.205.714,8	9.604.216,5	7.106.118,4	72.527.169,8	75.000.000,0
Cota-Parte do ICMS	7.610.205,3	6.815.314,9	7.017.418,4	6.418.203,9	6.302.715,4	6.919.204,2	7.108.316,4	6.520.113,1	6.819.416,3	6.207.712,1	6.912.514,1	7.816.317,1	82.467.451,2	85.000.000,0
Cota-Parte do IPVA	2.406.108,1	2.101.006,2	1.715.103,4	906.106,3	704.417,4	651.104,2	610.216,3	542.104,8	503.105,7	481.012,6	469.108,2	452.113,9	11.541.507,1	12.000.000,0
Transferências do FUNDEB	4.512.406,3	4.104.706,1	5.108.716,4	4.617.312,1	4.815.602,7	5.104.616,8	5.204.711,4	4.916.207,3	5.104.106,4	4.818.716,2	5.221.408,2	6.104.216,4	59.632.726,3	62.000.000,0
Outras Transferências Correntes	1.485.098,4	1.477.455,7	3.756.949,3	2.450.671,3	2.897.648,5	3.222.964,5	3.999.148,8	3.514.477,1	3.786.060,0	3.382.247,9	4.010.373,0	6.066.602,3	40.049.696,8	55.880.271,2
Outras Receitas Correntes	1.336.309,9	1.333.889,0	1.147.526,2	1.320.141,0	1.201.456,6	861.604,1	1.600.122,3	1.323.406,4	1.419.318,3	709.994,2	6.671.671,8	-1.779.175,0	18.116.264,8	13.560.234,4
DEDUÇÕES (II)	2.906.412,1	2.784.317,6	2.934.811,9	2.816.210,2	2.819.400,8	2.901.213,6	2.984.116,9	2.806.312,0	2.843.306,9	2.801.710,4	3.009.116,8	3.184.213,5	34.791.142,7	35.000.000,0
Contrib. p/ o Plano de Seg. Soc. Serv.	1.040.508,2	1.026.101,8	1.077.114,4	1.049.214,3	1.061.306,7	1.013.014,6	1.091.419,3	1.109.312,0	1.082.419,4	1.110.811,7	1.140.313,1	1.919.682,0	12.721.217,5	10.684.442,0
Servidor	1.040.508,2	1.026.101,8	1.077.114,4	1.049.214,3	1.061.306,7	1.013.014,6	1.091.419,3	1.109.312,0	1.082.419,4	1.110.811,7	1.140.313,1	1.919.682,0	12.721.217,5	10.684.442,0
Compensação Financ. entre Regimes Previd.	0,0	0,0	0,0	0,0	0,0	0,0	0,0	0,0	0,0	0,0	0,0	0,0	0,0	0,0
Dedução de Receita para Formação do FUNDEB	1.865.903,9	1.758.215,8	1.857.697,5	1.766.995,9	1.758.094,1	1.888.199,0	1.892.697,6	1.697.000,0	1.760.887,5	1.690.898,7	1.868.803,7	1.264.531,5	22.069.925,2	24.315.558,0
RECEITA CORRENTE LÍQUIDA (III)	30.509.890,2	37.469.501,2	31.533.081,7	24.732.138,3	25.144.113,2	27.895.607,4	29.161.461,5	25.930.511,2	26.113.673,5	24.266.178,3	38.258.297,5	30.176.790,5	351.191.244,5	370.369.960,6
Nota: Receita Corrente Líquida em reais e sem arredondamento.
RCL dos últimos 12 meses R$ 351.191.244,49
Rogério Cabral
Prefeito
Matrícula 55.000
Juvenal Nestor Condack
Secretário Municipal de Finanças, Planejamento, Desenvolvimento e Gestão
Matrícula nº. 56.001
Marcelo Schuenck
Controlador Geral do Município
Matrícula nº. 56.018
Pedro Luiz De Castro
Matrícula PMNF nº. 56.946
Subsecretário de Reg. Contábeis CRC/RJ. 100664/0/5
SIGFIS - Versão 2016	Data de Emissão: 21/02/2017 14:52h	Anexo 3 do RREO
